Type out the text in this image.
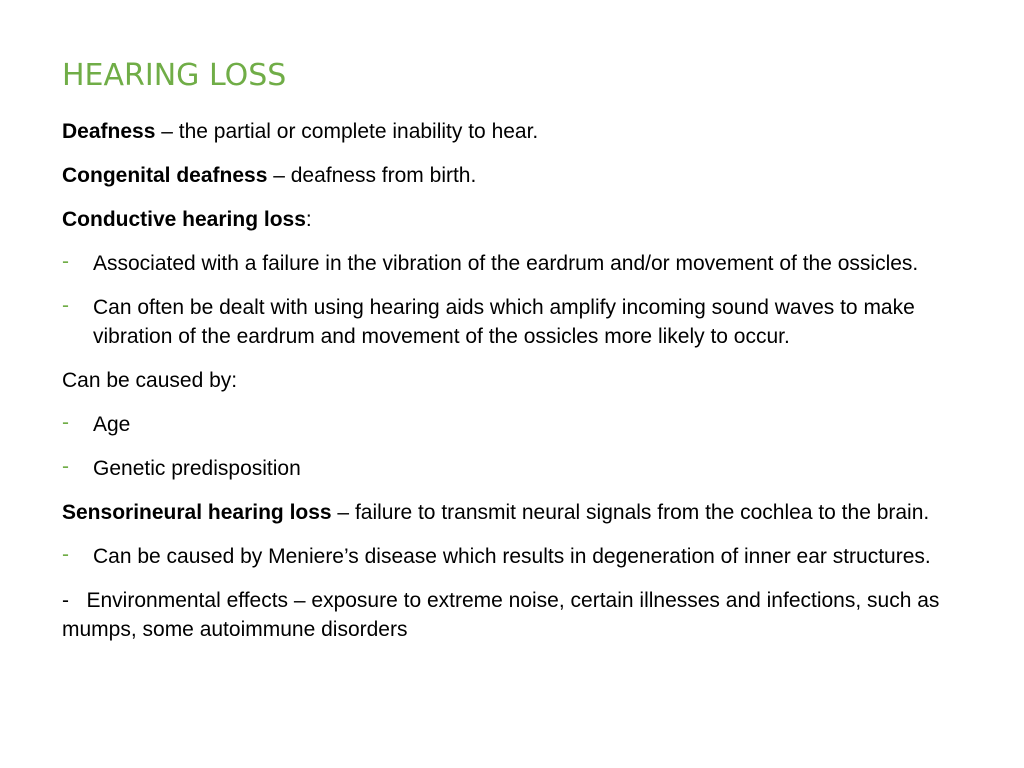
HEARING LOSS

Deafness – the partial or complete inability to hear.

Congenital deafness – deafness from birth.

Conductive hearing loss:

- Associated with a failure in the vibration of the eardrum and/or movement of the ossicles.
- Can often be dealt with using hearing aids which amplify incoming sound waves to make vibration of the eardrum and movement of the ossicles more likely to occur.

Can be caused by:

- Age
- Genetic predisposition

Sensorineural hearing loss – failure to transmit neural signals from the cochlea to the brain.

- Can be caused by Meniere’s disease which results in degeneration of inner ear structures.

-   Environmental effects – exposure to extreme noise, certain illnesses and infections, such as mumps, some autoimmune disorders
